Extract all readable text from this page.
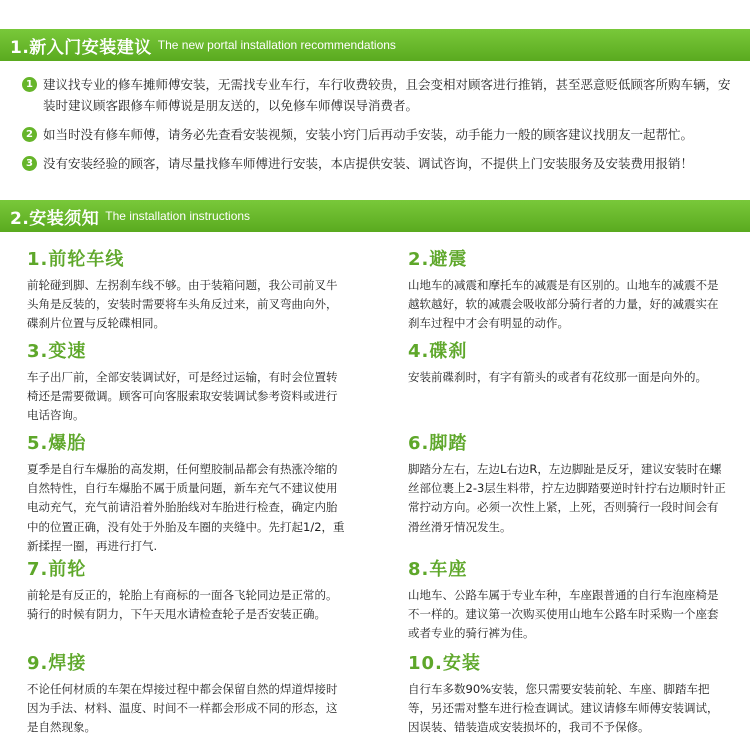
1.新入门安装建议 The new portal installation recommendations
1 建议找专业的修车摊师傅安装，无需找专业车行，车行收费较贵，且会变相对顾客进行推销，甚至恶意贬低顾客所购车辆，安装时建议顾客跟修车师傅说是朋友送的，以免修车师傅误导消费者。
2 如当时没有修车师傅，请务必先查看安装视频，安装小窍门后再动手安装，动手能力一般的顾客建议找朋友一起帮忙。
3 没有安装经验的顾客，请尽量找修车师傅进行安装，本店提供安装、调试咨询，不提供上门安装服务及安装费用报销！
2.安装须知 The installation instructions
1.前轮车线
前轮碰到脚、左拐刹车线不够。由于装箱问题，我公司前叉牛头角是反装的，安装时需要将车头角反过来，前叉弯曲向外，碟刹片位置与反轮碟相同。
2.避震
山地车的减震和摩托车的减震是有区别的。山地车的减震不是越软越好，软的减震会吸收部分骑行者的力量，好的减震实在刹车过程中才会有明显的动作。
3.变速
车子出厂前，全部安装调试好，可是经过运输，有时会位置转椅还是需要微调。顾客可向客服索取安装调试参考资料或进行电话咨询。
4.碟刹
安装前碟刹时，有字有箭头的或者有花纹那一面是向外的。
5.爆胎
夏季是自行车爆胎的高发期，任何塑胶制品都会有热涨冷缩的自然特性，自行车爆胎不属于质量问题，新车充气不建议使用电动充气，充气前请沿着外胎胎线对车胎进行检查，确定内胎中的位置正确，没有处于外胎及车圈的夹缝中。先打起1/2，重新揉捏一圈，再进行打气.
6.脚踏
脚踏分左右，左边L右边R，左边脚趾是反牙，建议安装时在螺丝部位裹上2-3层生料带，拧左边脚踏要逆时针拧右边顺时针正常拧动方向。必须一次性上紧，上死，否则骑行一段时间会有滑丝滑牙情况发生。
7.前轮
前轮是有反正的，轮胎上有商标的一面各飞轮同边是正常的。骑行的时候有阴力，下午天甩水请检查轮子是否安装正确。
8.车座
山地车、公路车属于专业车种，车座跟普通的自行车泡座椅是不一样的。建议第一次购买使用山地车公路车时采购一个座套或者专业的骑行裤为佳。
9.焊接
不论任何材质的车架在焊接过程中都会保留自然的焊道焊接时因为手法、材料、温度、时间不一样都会形成不同的形态，这是自然现象。
10.安装
自行车多数90%安装，您只需要安装前轮、车座、脚踏车把等，另还需对整车进行检查调试。建议请修车师傅安装调试，因误装、错装造成安装损坏的，我司不予保修。
